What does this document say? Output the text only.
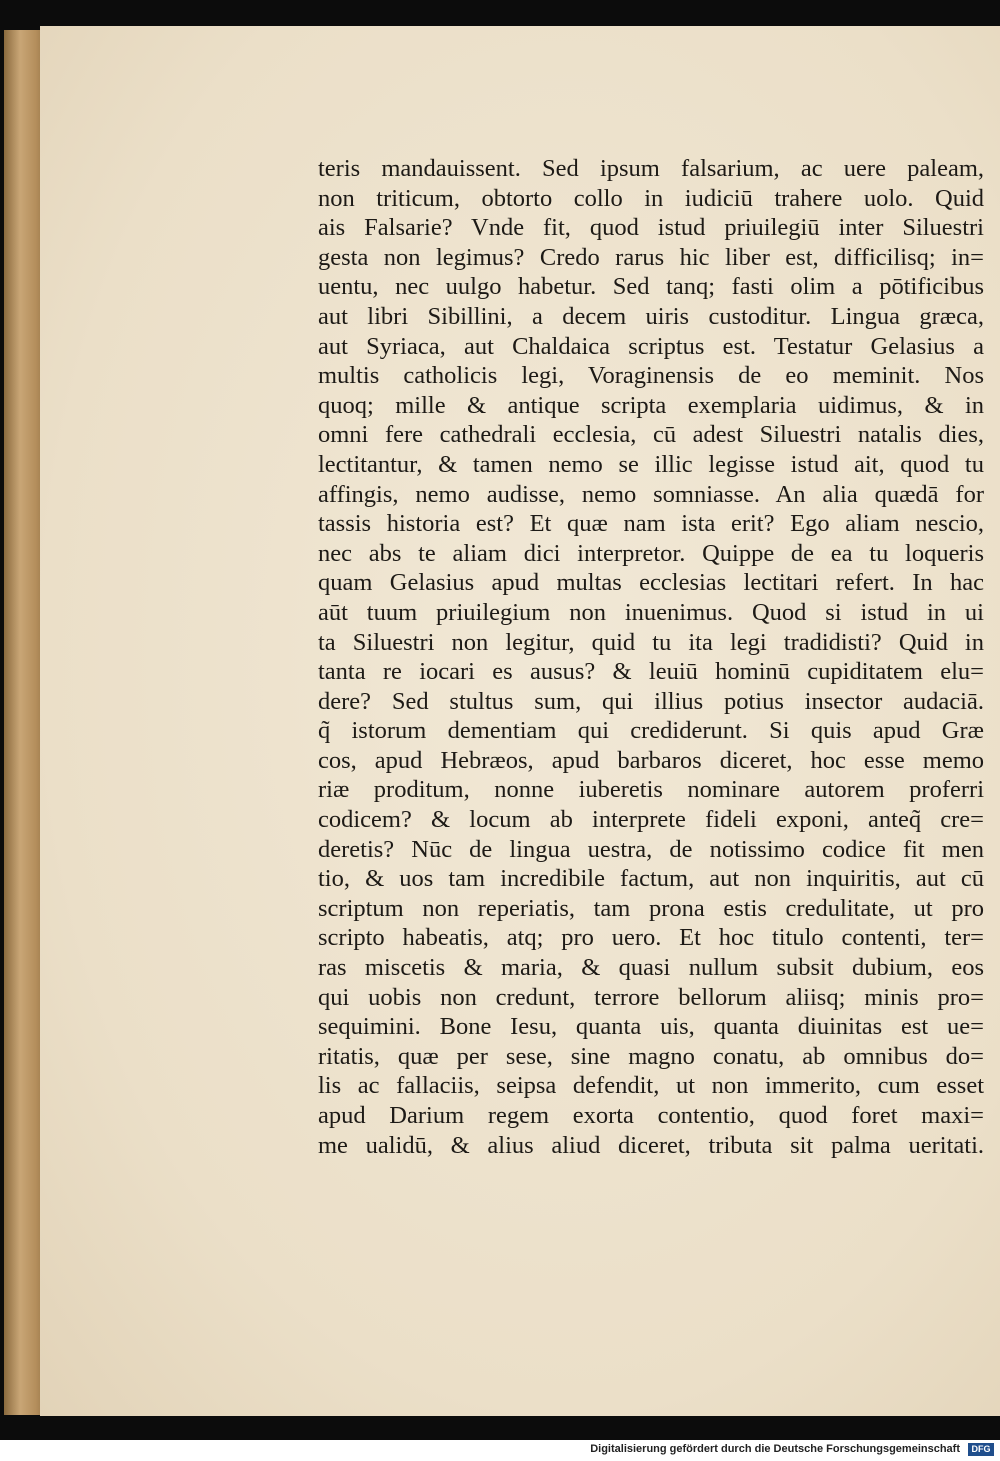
teris mandauissent. Sed ipsum falsarium, ac uere paleam,
non triticum, obtorto collo in iudiciū trahere uolo. Quid
ais Falsarie? Vnde fit, quod istud priuilegiū inter Siluestri
gesta non legimus? Credo rarus hic liber est, difficilisq; in=
uentu, nec uulgo habetur. Sed tanq; fasti olim a pōtificibus
aut libri Sibillini, a decem uiris custoditur. Lingua græca,
aut Syriaca, aut Chaldaica scriptus est. Testatur Gelasius a
multis catholicis legi, Voraginensis de eo meminit. Nos
quoq; mille & antique scripta exemplaria uidimus, & in
omni fere cathedrali ecclesia, cū adest Siluestri natalis dies,
lectitantur, & tamen nemo se illic legisse istud ait, quod tu
affingis, nemo audisse, nemo somniasse. An alia quædā for
tassis historia est? Et quæ nam ista erit? Ego aliam nescio,
nec abs te aliam dici interpretor. Quippe de ea tu loqueris
quam Gelasius apud multas ecclesias lectitari refert. In hac
aūt tuum priuilegium non inuenimus. Quod si istud in ui
ta Siluestri non legitur, quid tu ita legi tradidisti? Quid in
tanta re iocari es ausus? & leuiū hominū cupiditatem elu=
dere? Sed stultus sum, qui illius potius insector audaciā.
q̃ istorum dementiam qui crediderunt. Si quis apud Græ
cos, apud Hebræos, apud barbaros diceret, hoc esse memo
riæ proditum, nonne iuberetis nominare autorem proferri
codicem? & locum ab interprete fideli exponi, anteq̃ cre=
deretis? Nūc de lingua uestra, de notissimo codice fit men
tio, & uos tam incredibile factum, aut non inquiritis, aut cū
scriptum non reperiatis, tam prona estis credulitate, ut pro
scripto habeatis, atq; pro uero. Et hoc titulo contenti, ter=
ras miscetis & maria, & quasi nullum subsit dubium, eos
qui uobis non credunt, terrore bellorum aliisq; minis pro=
sequimini. Bone Iesu, quanta uis, quanta diuinitas est ue=
ritatis, quæ per sese, sine magno conatu, ab omnibus do=
lis ac fallaciis, seipsa defendit, ut non immerito, cum esset
apud Darium regem exorta contentio, quod foret maxi=
me ualidū, & alius aliud diceret, tributa sit palma ueritati.
Digitalisierung gefördert durch die Deutsche Forschungsgemeinschaft	DFG
